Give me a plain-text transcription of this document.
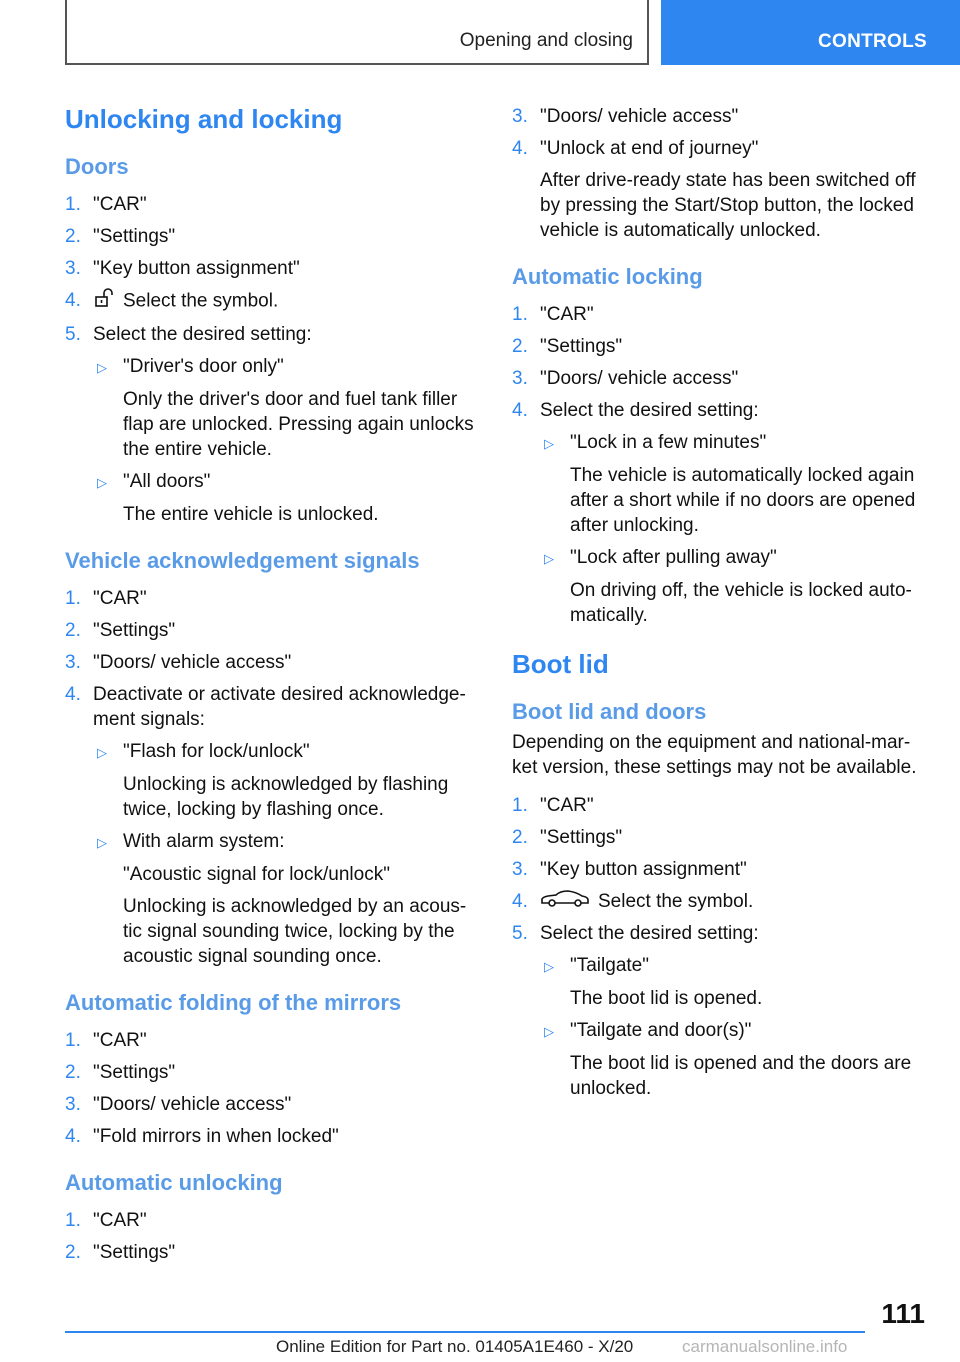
Opening and closing	CONTROLS
Unlocking and locking
Doors
1. "CAR"
2. "Settings"
3. "Key button assignment"
4.	Select the symbol.
5. Select the desired setting:
▷ "Driver's door only"
Only the driver's door and fuel tank filler flap are unlocked. Pressing again unlocks the entire vehicle.
▷ "All doors"
The entire vehicle is unlocked.
Vehicle acknowledgement signals
1. "CAR"
2. "Settings"
3. "Doors/ vehicle access"
4. Deactivate or activate desired acknowledge-ment signals:
▷ "Flash for lock/unlock"
Unlocking is acknowledged by flashing twice, locking by flashing once.
▷ With alarm system:
"Acoustic signal for lock/unlock"
Unlocking is acknowledged by an acous-tic signal sounding twice, locking by the acoustic signal sounding once.
Automatic folding of the mirrors
1. "CAR"
2. "Settings"
3. "Doors/ vehicle access"
4. "Fold mirrors in when locked"
Automatic unlocking
1. "CAR"
2. "Settings"
3. "Doors/ vehicle access"
4. "Unlock at end of journey"
After drive-ready state has been switched off by pressing the Start/Stop button, the locked vehicle is automatically unlocked.
Automatic locking
1. "CAR"
2. "Settings"
3. "Doors/ vehicle access"
4. Select the desired setting:
▷ "Lock in a few minutes"
The vehicle is automatically locked again after a short while if no doors are opened after unlocking.
▷ "Lock after pulling away"
On driving off, the vehicle is locked auto-matically.
Boot lid
Boot lid and doors
Depending on the equipment and national-mar-ket version, these settings may not be available.
1. "CAR"
2. "Settings"
3. "Key button assignment"
4.	Select the symbol.
5. Select the desired setting:
▷ "Tailgate"
The boot lid is opened.
▷ "Tailgate and door(s)"
The boot lid is opened and the doors are unlocked.
111
Online Edition for Part no. 01405A1E460 - X/20	carmanualsonline.info
